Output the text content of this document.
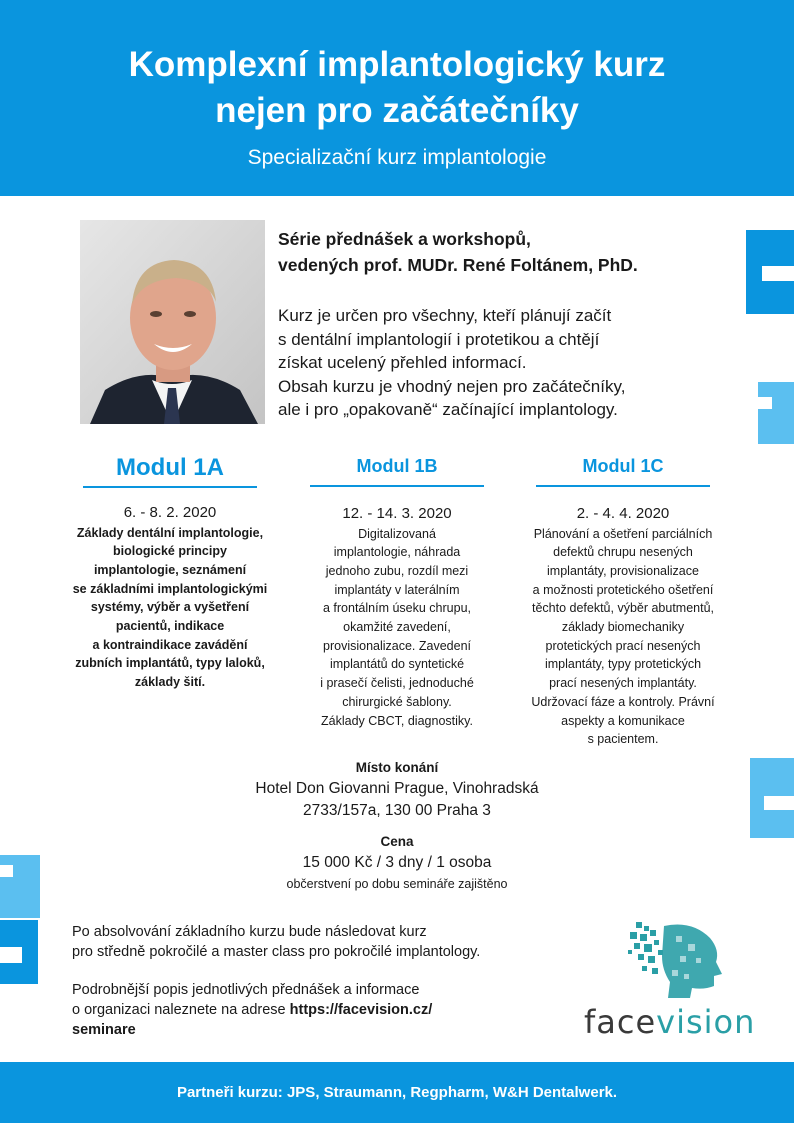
Komplexní implantologický kurz
nejen pro začátečníky
Specializační kurz implantologie
Série přednášek a workshopů,
vedených prof. MUDr. René Foltánem, PhD.
Kurz je určen pro všechny, kteří plánují začít
s dentální implantologií i protetikou a chtějí
získat ucelený přehled informací.
Obsah kurzu je vhodný nejen pro začátečníky,
ale i pro „opakovaně“ začínající implantology.
Modul 1A
6. - 8. 2. 2020
Základy dentální implantologie,
biologické principy
implantologie, seznámení
se základními implantologickými
systémy, výběr a vyšetření
pacientů, indikace
a kontraindikace zavádění
zubních implantátů, typy laloků,
základy šití.
Modul 1B
12. - 14. 3. 2020
Digitalizovaná
implantologie, náhrada
jednoho zubu, rozdíl mezi
implantáty v laterálním
a frontálním úseku chrupu,
okamžité zavedení,
provisionalizace. Zavedení
implantátů do syntetické
i prasečí čelisti, jednoduché
chirurgické šablony.
Základy CBCT, diagnostiky.
Modul 1C
2. - 4. 4. 2020
Plánování a ošetření parciálních
defektů chrupu nesených
implantáty, provisionalizace
a možnosti protetického ošetření
těchto defektů, výběr abutmentů,
základy biomechaniky
protetických prací nesených
implantáty, typy protetických
prací nesených implantáty.
Udržovací fáze a kontroly. Právní
aspekty a komunikace
s pacientem.
Místo konání
Hotel Don Giovanni Prague, Vinohradská
2733/157a, 130 00 Praha 3
Cena
15 000 Kč / 3 dny / 1 osoba
občerstvení po dobu semináře zajištěno
Po absolvování základního kurzu bude následovat kurz
pro středně pokročilé a master class pro pokročilé implantology.
Podrobnější popis jednotlivých přednášek a informace
o organizaci naleznete na adrese https://facevision.cz/
seminare	facevision
Partneři kurzu: JPS, Straumann, Regpharm, W&H Dentalwerk.
